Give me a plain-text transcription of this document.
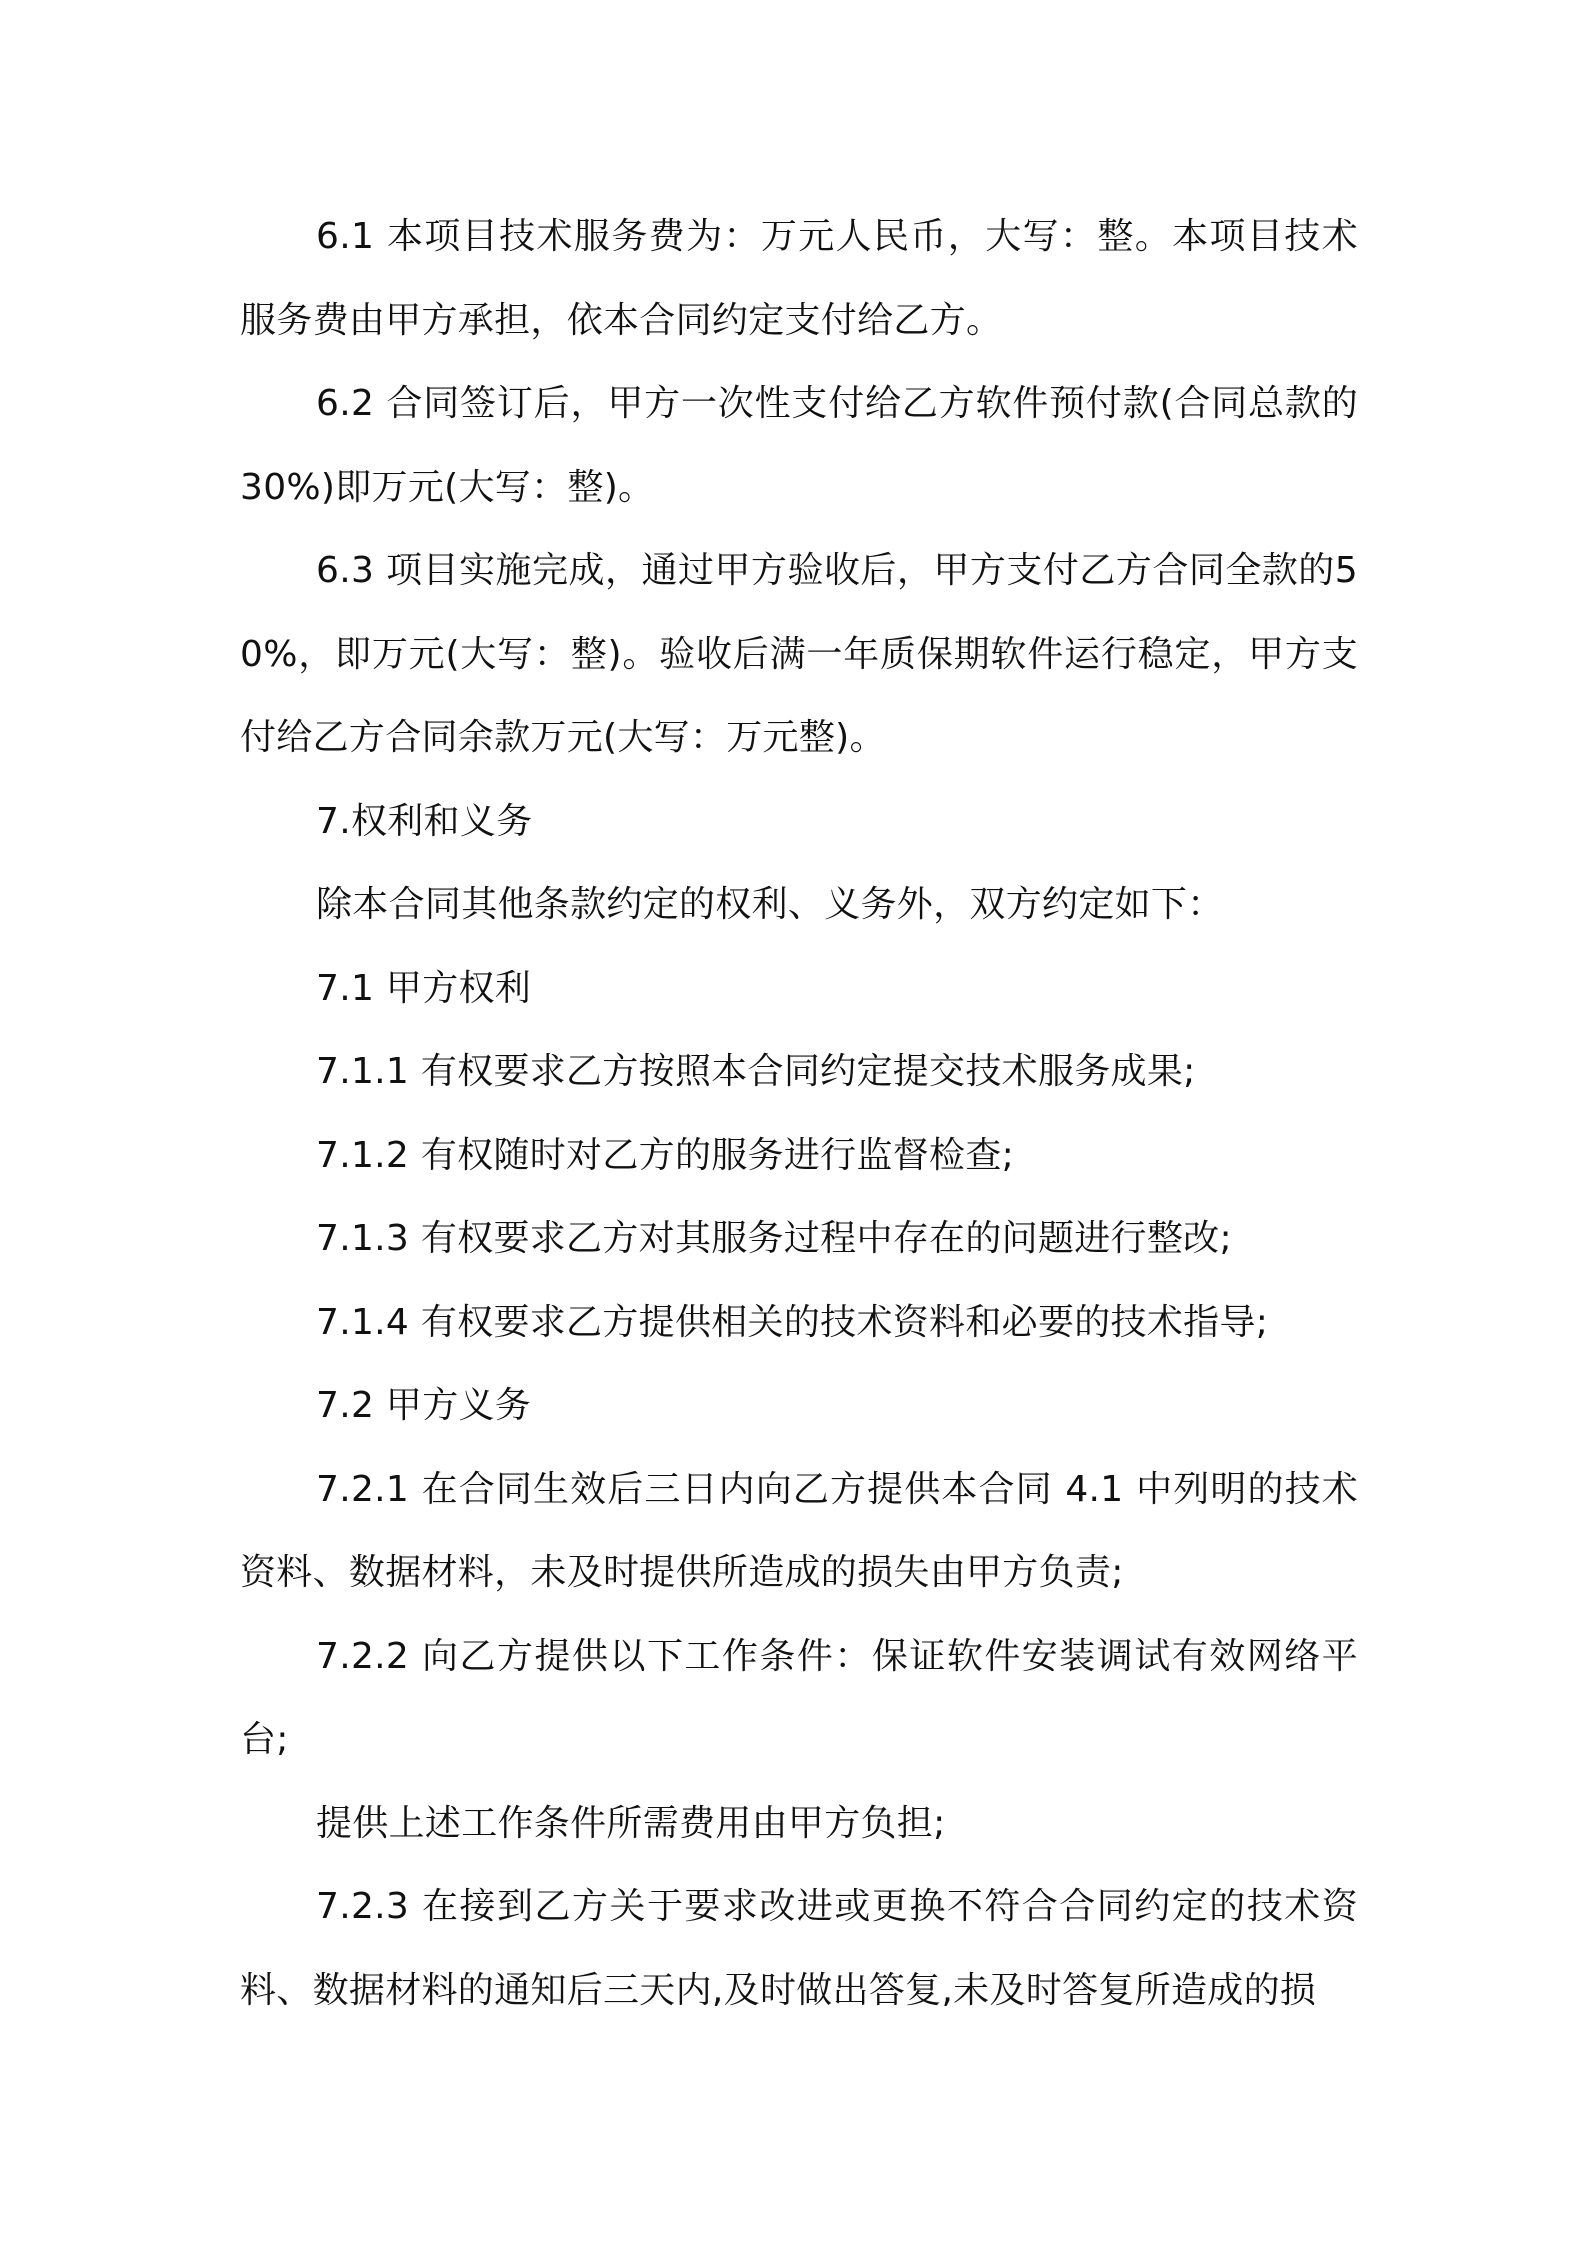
6.1 本项目技术服务费为：万元人民币，大写：整。本项目技术服务费由甲方承担，依本合同约定支付给乙方。

6.2 合同签订后，甲方一次性支付给乙方软件预付款(合同总款的30%)即万元(大写：整)。

6.3 项目实施完成，通过甲方验收后，甲方支付乙方合同全款的50%，即万元(大写：整)。验收后满一年质保期软件运行稳定，甲方支付给乙方合同余款万元(大写：万元整)。

7.权利和义务

除本合同其他条款约定的权利、义务外，双方约定如下：

7.1 甲方权利

7.1.1 有权要求乙方按照本合同约定提交技术服务成果;

7.1.2 有权随时对乙方的服务进行监督检查;

7.1.3 有权要求乙方对其服务过程中存在的问题进行整改;

7.1.4 有权要求乙方提供相关的技术资料和必要的技术指导;

7.2 甲方义务

7.2.1 在合同生效后三日内向乙方提供本合同 4.1 中列明的技术资料、数据材料，未及时提供所造成的损失由甲方负责;

7.2.2 向乙方提供以下工作条件：保证软件安装调试有效网络平台;

提供上述工作条件所需费用由甲方负担;

7.2.3 在接到乙方关于要求改进或更换不符合合同约定的技术资料、数据材料的通知后三天内,及时做出答复,未及时答复所造成的损
